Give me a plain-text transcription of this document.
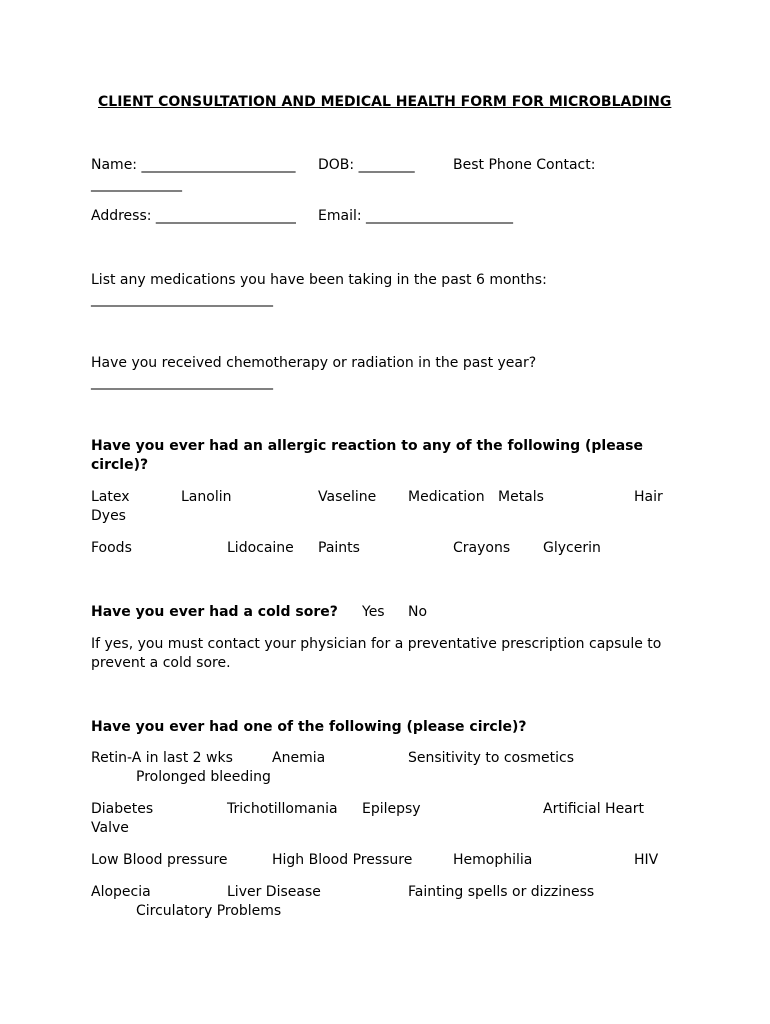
CLIENT CONSULTATION AND MEDICAL HEALTH FORM FOR MICROBLADING
Name: ______________________ DOB: ________	Best Phone Contact:
_____________
Address: ____________________ Email: _____________________
List any medications you have been taking in the past 6 months:
__________________________
Have you received chemotherapy or radiation in the past year?
__________________________
Have you ever had an allergic reaction to any of the following (please
circle)?
Latex	Lanolin	Vaseline Medication Metals	Hair
Dyes
Foods	Lidocaine Paints	Crayons Glycerin
Have you ever had a cold sore? Yes No
If yes, you must contact your physician for a preventative prescription capsule to
prevent a cold sore.
Have you ever had one of the following (please circle)?
Retin-A in last 2 wks	Anemia	Sensitivity to cosmetics
Prolonged bleeding
Diabetes	Trichotillomania Epilepsy	Artificial Heart
Valve
Low Blood pressure	High Blood Pressure	Hemophilia	HIV
Alopecia	Liver Disease	Fainting spells or dizziness
Circulatory Problems
